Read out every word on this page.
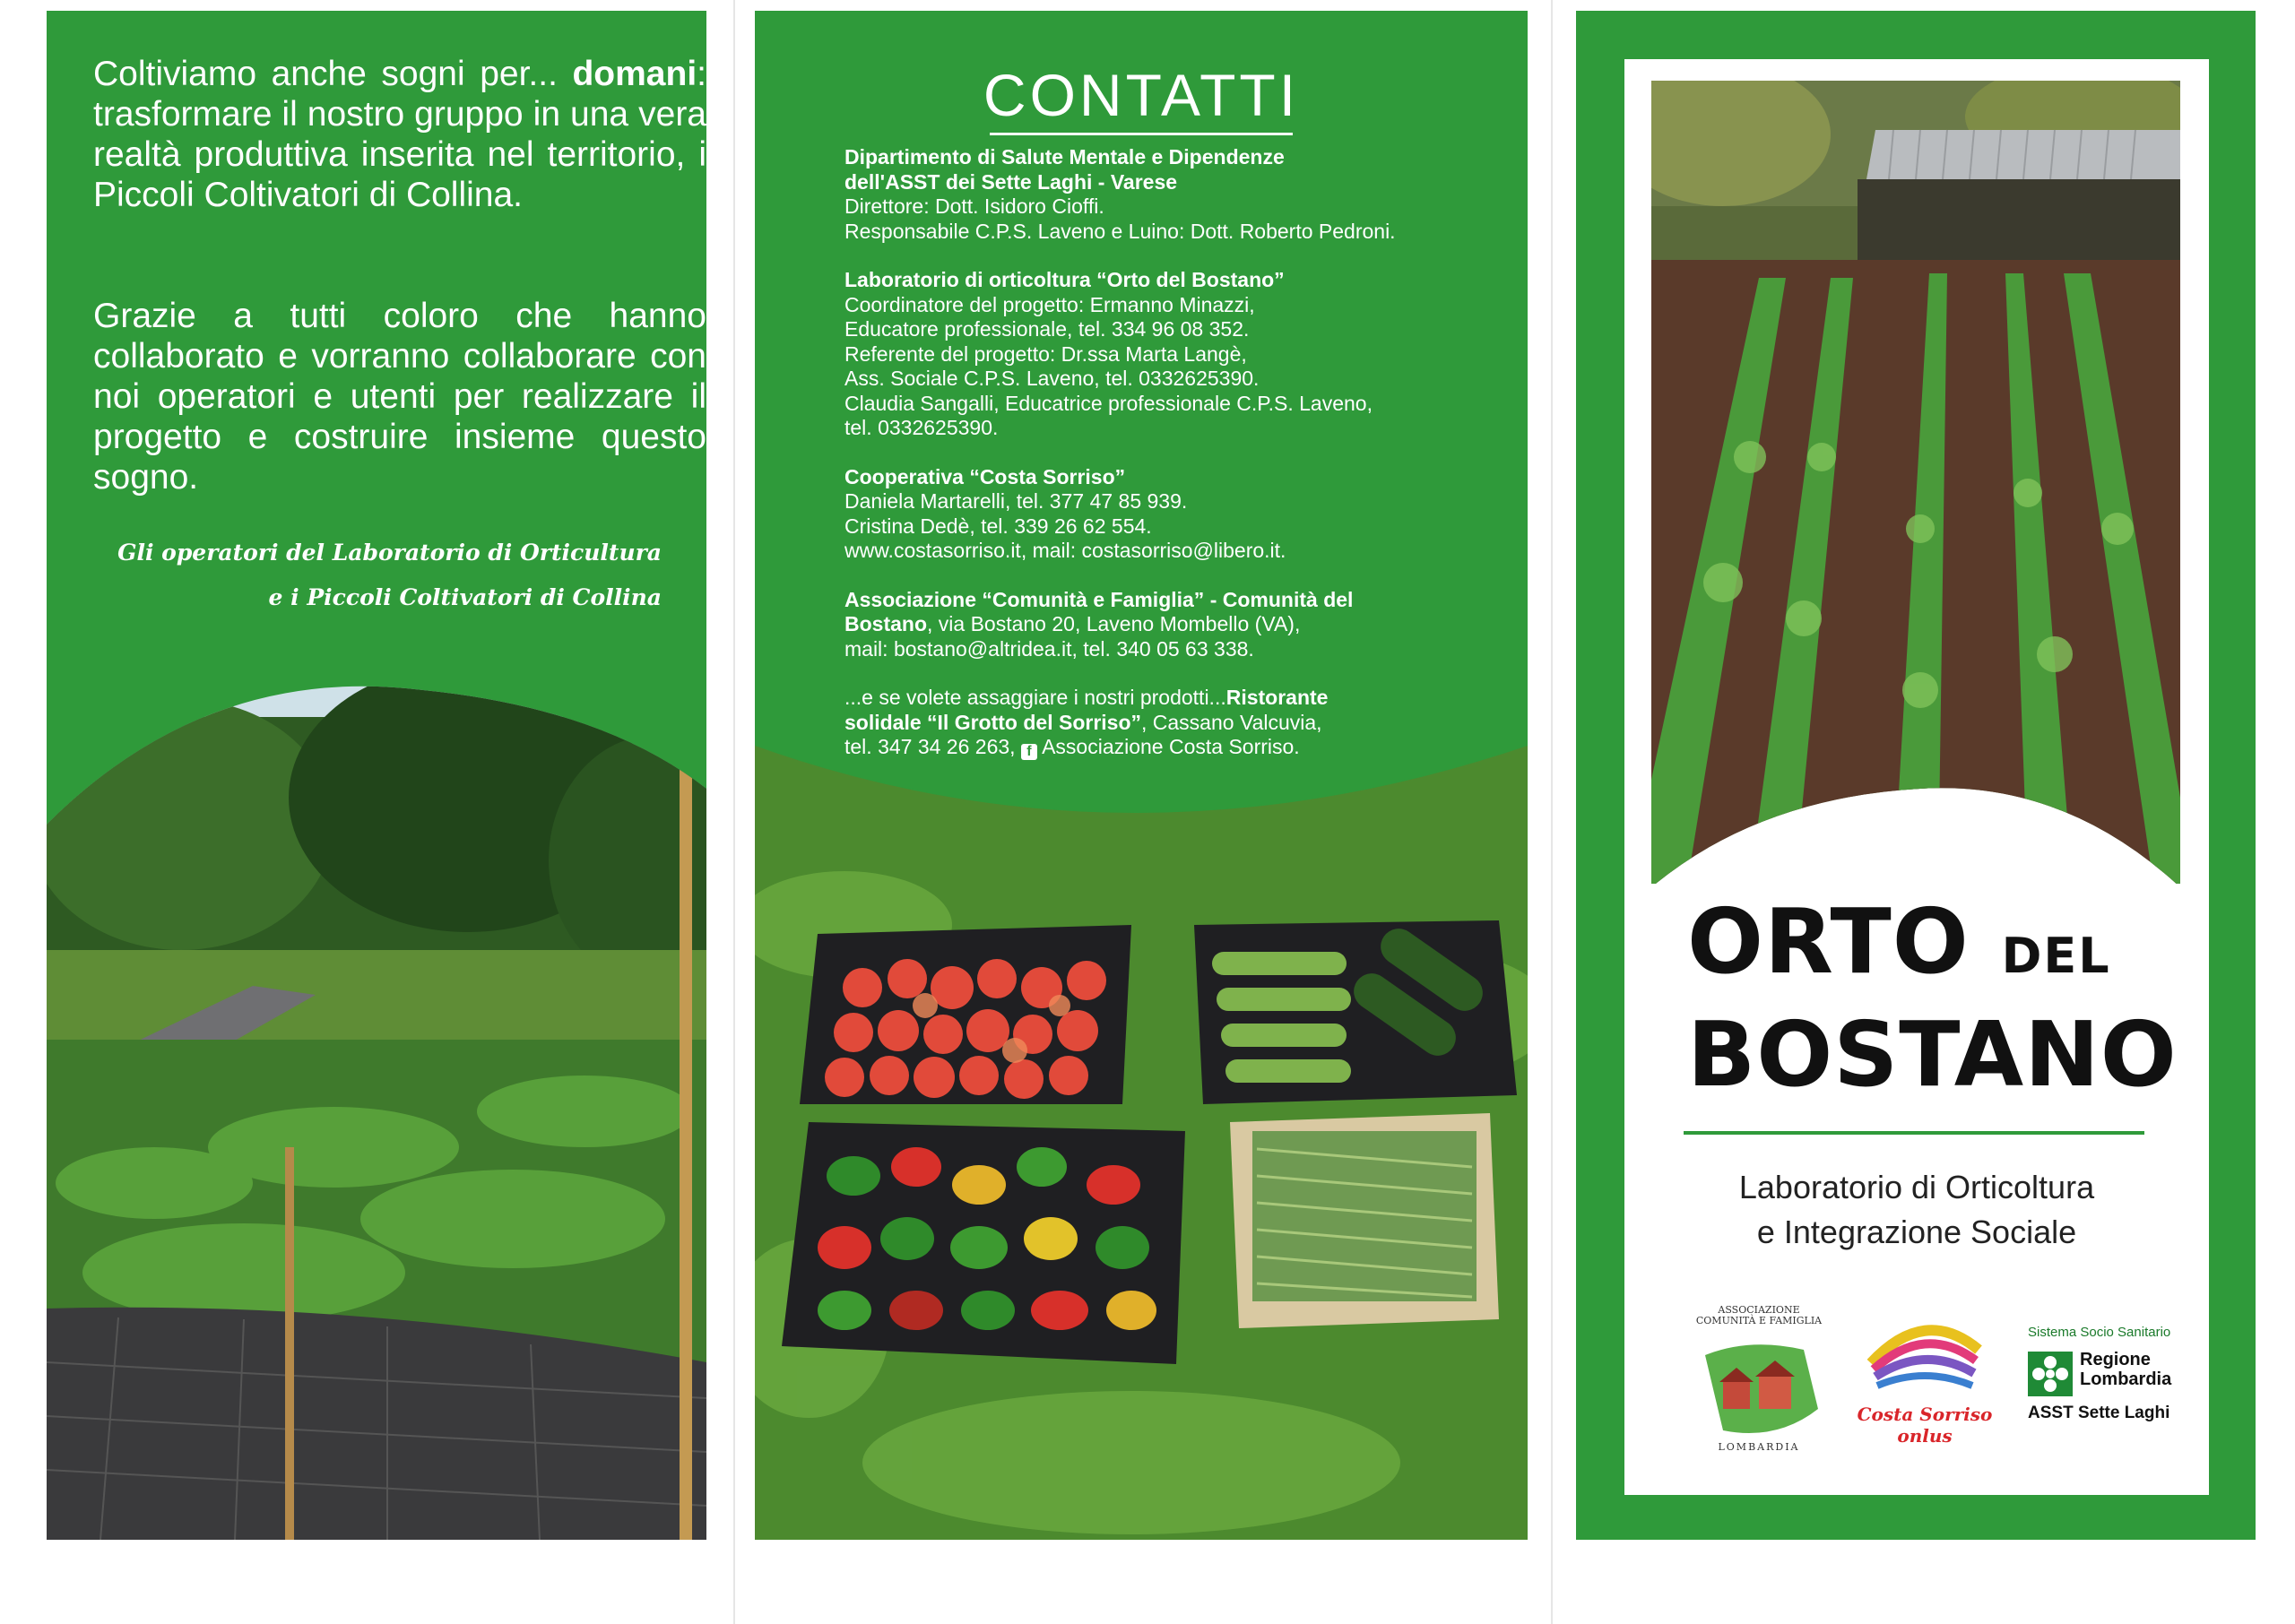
Coltiviamo anche sogni per... domani: trasformare il nostro gruppo in una vera realtà produttiva inserita nel territorio, i Piccoli Coltivatori di Collina.

Grazie a tutti coloro che hanno collaborato e vorranno collaborare con noi operatori e utenti per realizzare il progetto e costruire insieme questo sogno.

Gli operatori del Laboratorio di Orticultura
e i Piccoli Coltivatori di Collina
CONTATTI
Dipartimento di Salute Mentale e Dipendenze
dell'ASST dei Sette Laghi - Varese
Direttore: Dott. Isidoro Cioffi.
Responsabile C.P.S. Laveno e Luino: Dott. Roberto Pedroni.
Laboratorio di orticoltura “Orto del Bostano”
Coordinatore del progetto: Ermanno Minazzi,
Educatore professionale, tel. 334 96 08 352.
Referente del progetto: Dr.ssa Marta Langè,
Ass. Sociale C.P.S. Laveno, tel. 0332625390.
Claudia Sangalli, Educatrice professionale C.P.S. Laveno,
tel. 0332625390.
Cooperativa “Costa Sorriso”
Daniela Martarelli, tel. 377 47 85 939.
Cristina Dedè, tel. 339 26 62 554.
www.costasorriso.it, mail: costasorriso@libero.it.
Associazione “Comunità e Famiglia” - Comunità del
Bostano, via Bostano 20, Laveno Mombello (VA),
mail: bostano@altridea.it, tel. 340 05 63 338.
...e se volete assaggiare i nostri prodotti...Ristorante
solidale “Il Grotto del Sorriso”, Cassano Valcuvia,
tel. 347 34 26 263, f Associazione Costa Sorriso.
ORTO DEL
BOSTANO
Laboratorio di Orticoltura
e Integrazione Sociale
ASSOCIAZIONE COMUNITÀ E FAMIGLIA
LOMBARDIA
Costa Sorriso
onlus
Sistema Socio Sanitario
Regione
Lombardia
ASST Sette Laghi
